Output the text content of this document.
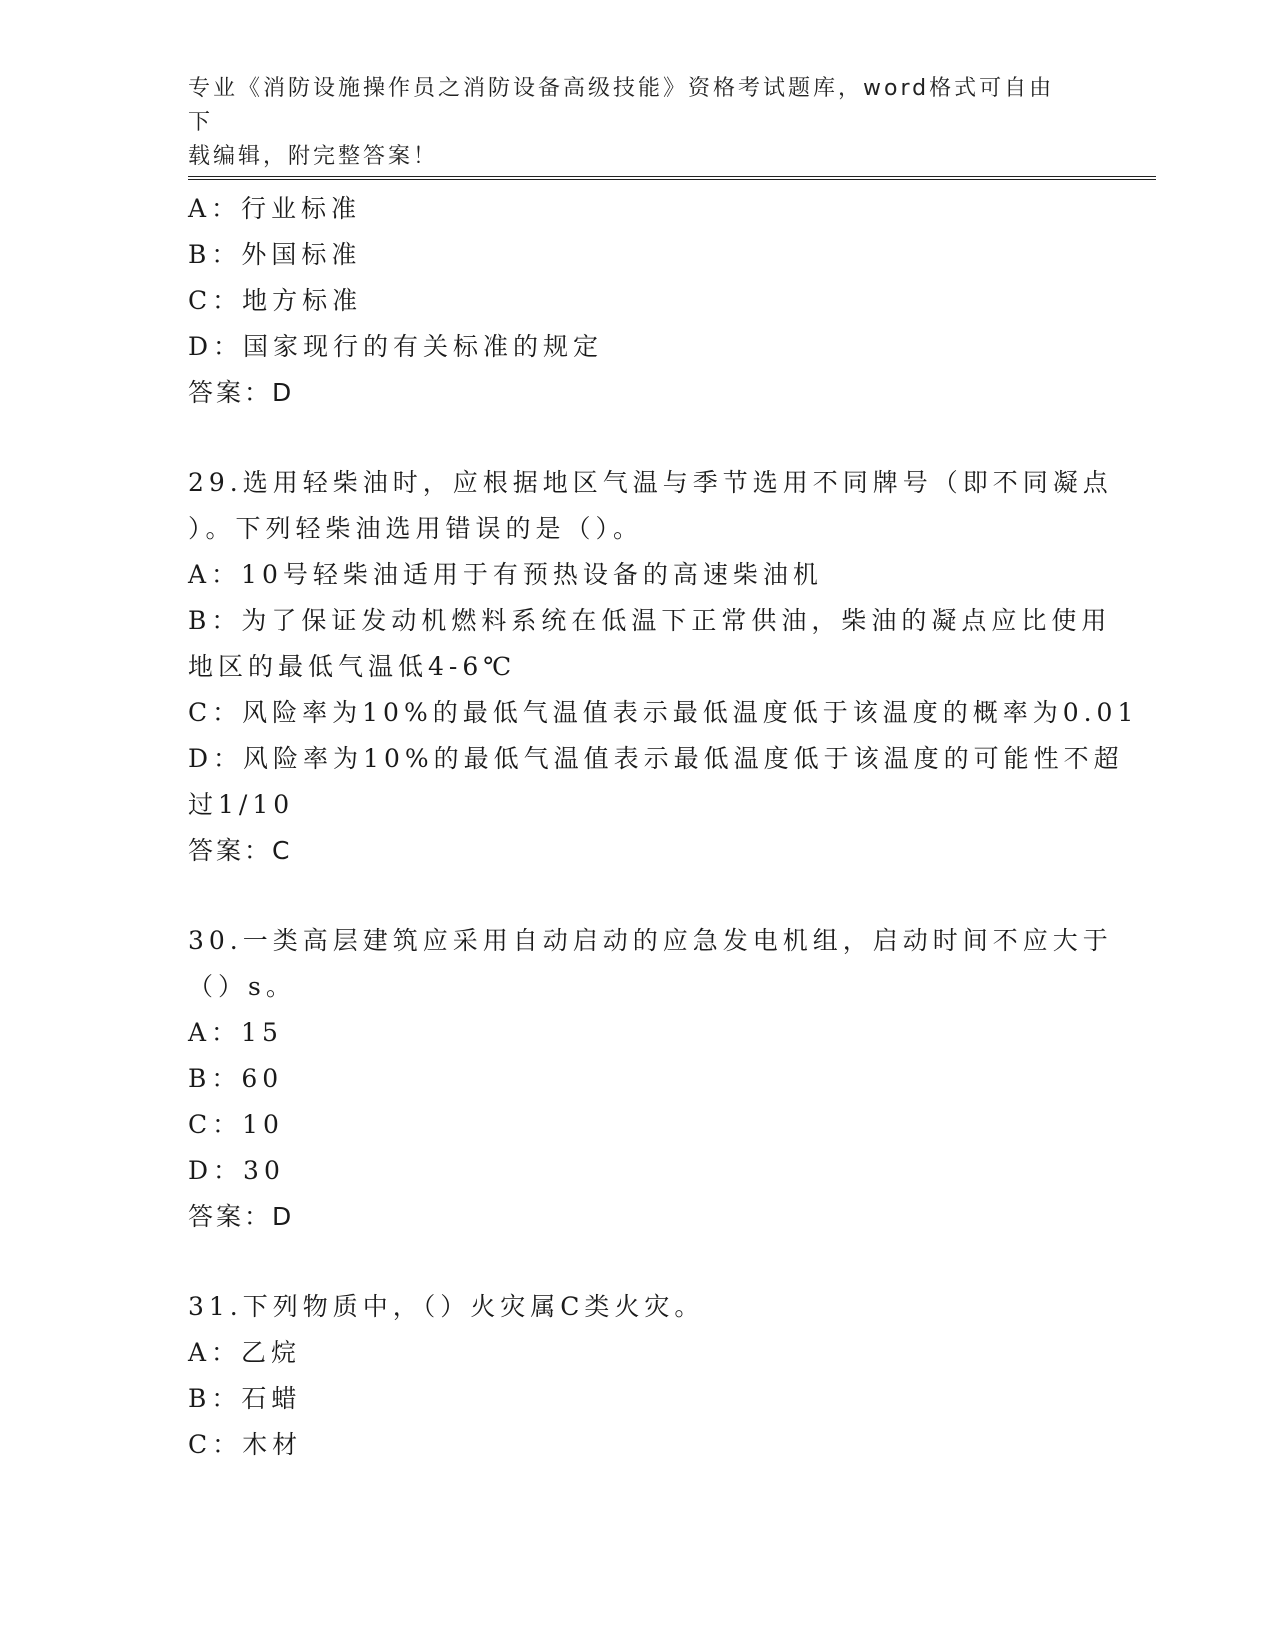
专业《消防设施操作员之消防设备高级技能》资格考试题库，word格式可自由下
载编辑，附完整答案！
A：行业标准
B：外国标准
C：地方标准
D：国家现行的有关标准的规定
答案：D
29.选用轻柴油时，应根据地区气温与季节选用不同牌号（即不同凝点
）。下列轻柴油选用错误的是（）。
A：10号轻柴油适用于有预热设备的高速柴油机
B：为了保证发动机燃料系统在低温下正常供油，柴油的凝点应比使用
地区的最低气温低4-6℃
C：风险率为10%的最低气温值表示最低温度低于该温度的概率为0.01
D：风险率为10%的最低气温值表示最低温度低于该温度的可能性不超
过1/10
答案：C
30.一类高层建筑应采用自动启动的应急发电机组，启动时间不应大于
（）s。
A：15
B：60
C：10
D：30
答案：D
31.下列物质中，（）火灾属C类火灾。
A：乙烷
B：石蜡
C：木材
